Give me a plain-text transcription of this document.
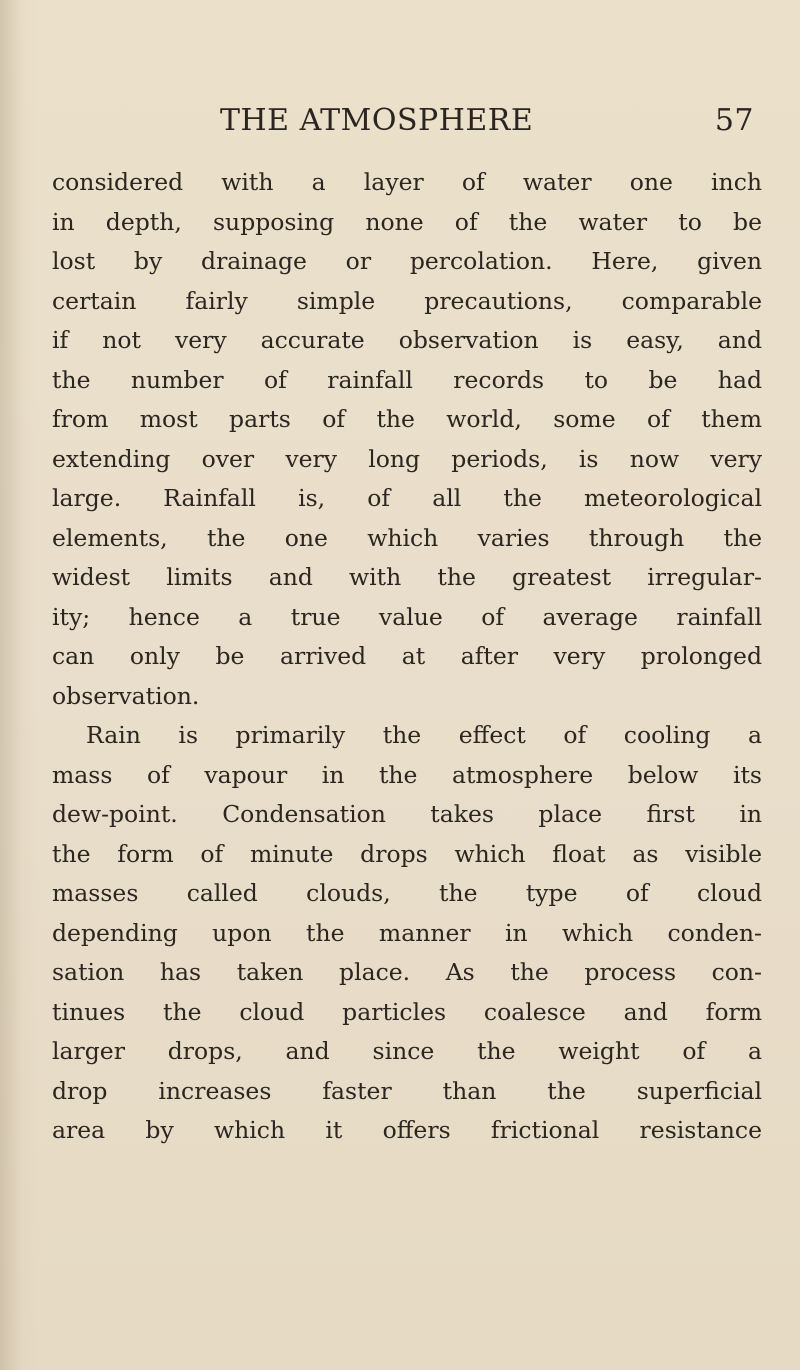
THE ATMOSPHERE	57
considered with a layer of water one inch
in depth, supposing none of the water to be
lost by drainage or percolation. Here, given
certain fairly simple precautions, comparable
if not very accurate observation is easy, and
the number of rainfall records to be had
from most parts of the world, some of them
extending over very long periods, is now very
large. Rainfall is, of all the meteorological
elements, the one which varies through the
widest limits and with the greatest irregular-
ity; hence a true value of average rainfall
can only be arrived at after very prolonged
observation.
Rain is primarily the effect of cooling a
mass of vapour in the atmosphere below its
dew-point. Condensation takes place first in
the form of minute drops which float as visible
masses called clouds, the type of cloud
depending upon the manner in which conden-
sation has taken place. As the process con-
tinues the cloud particles coalesce and form
larger drops, and since the weight of a
drop increases faster than the superficial
area by which it offers frictional resistance
